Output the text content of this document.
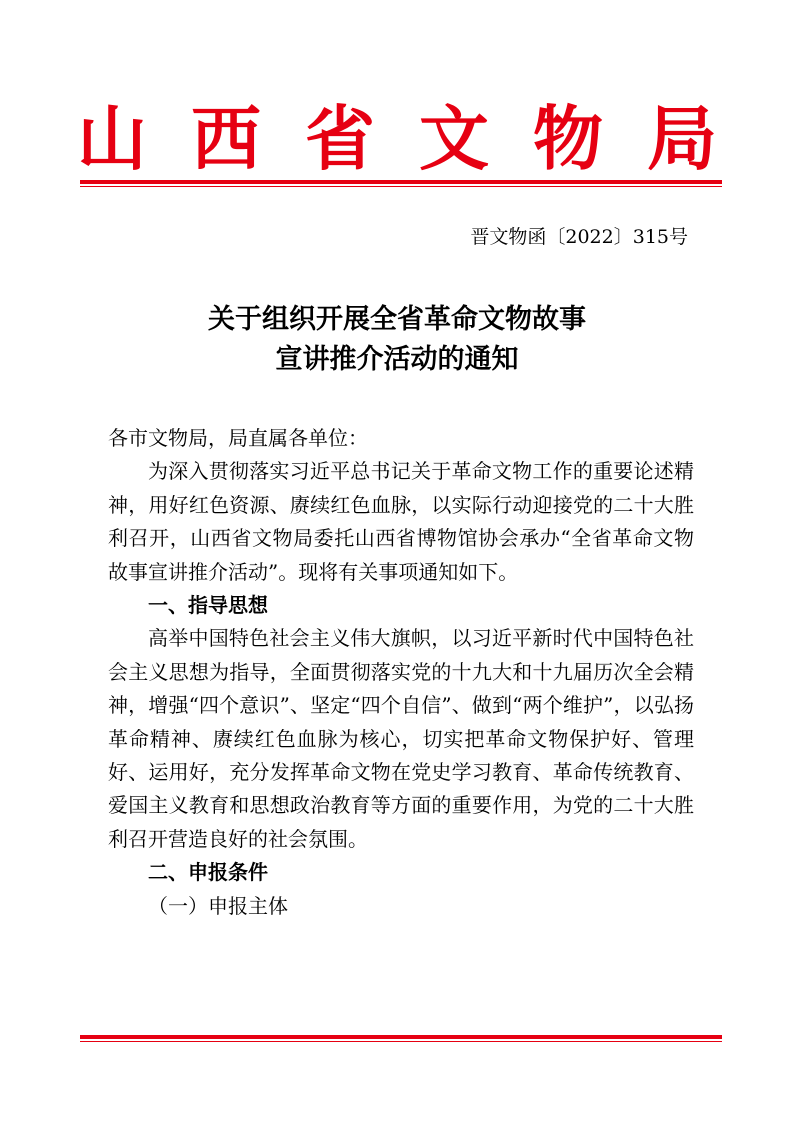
山西省文物局
晋文物函〔2022〕315号
关于组织开展全省革命文物故事
宣讲推介活动的通知

各市文物局，局直属各单位：

为深入贯彻落实习近平总书记关于革命文物工作的重要论述精神，用好红色资源、赓续红色血脉，以实际行动迎接党的二十大胜利召开，山西省文物局委托山西省博物馆协会承办“全省革命文物故事宣讲推介活动”。现将有关事项通知如下。

一、指导思想

高举中国特色社会主义伟大旗帜，以习近平新时代中国特色社会主义思想为指导，全面贯彻落实党的十九大和十九届历次全会精神，增强“四个意识”、坚定“四个自信”、做到“两个维护”，以弘扬革命精神、赓续红色血脉为核心，切实把革命文物保护好、管理好、运用好，充分发挥革命文物在党史学习教育、革命传统教育、爱国主义教育和思想政治教育等方面的重要作用，为党的二十大胜利召开营造良好的社会氛围。

二、申报条件

（一）申报主体
